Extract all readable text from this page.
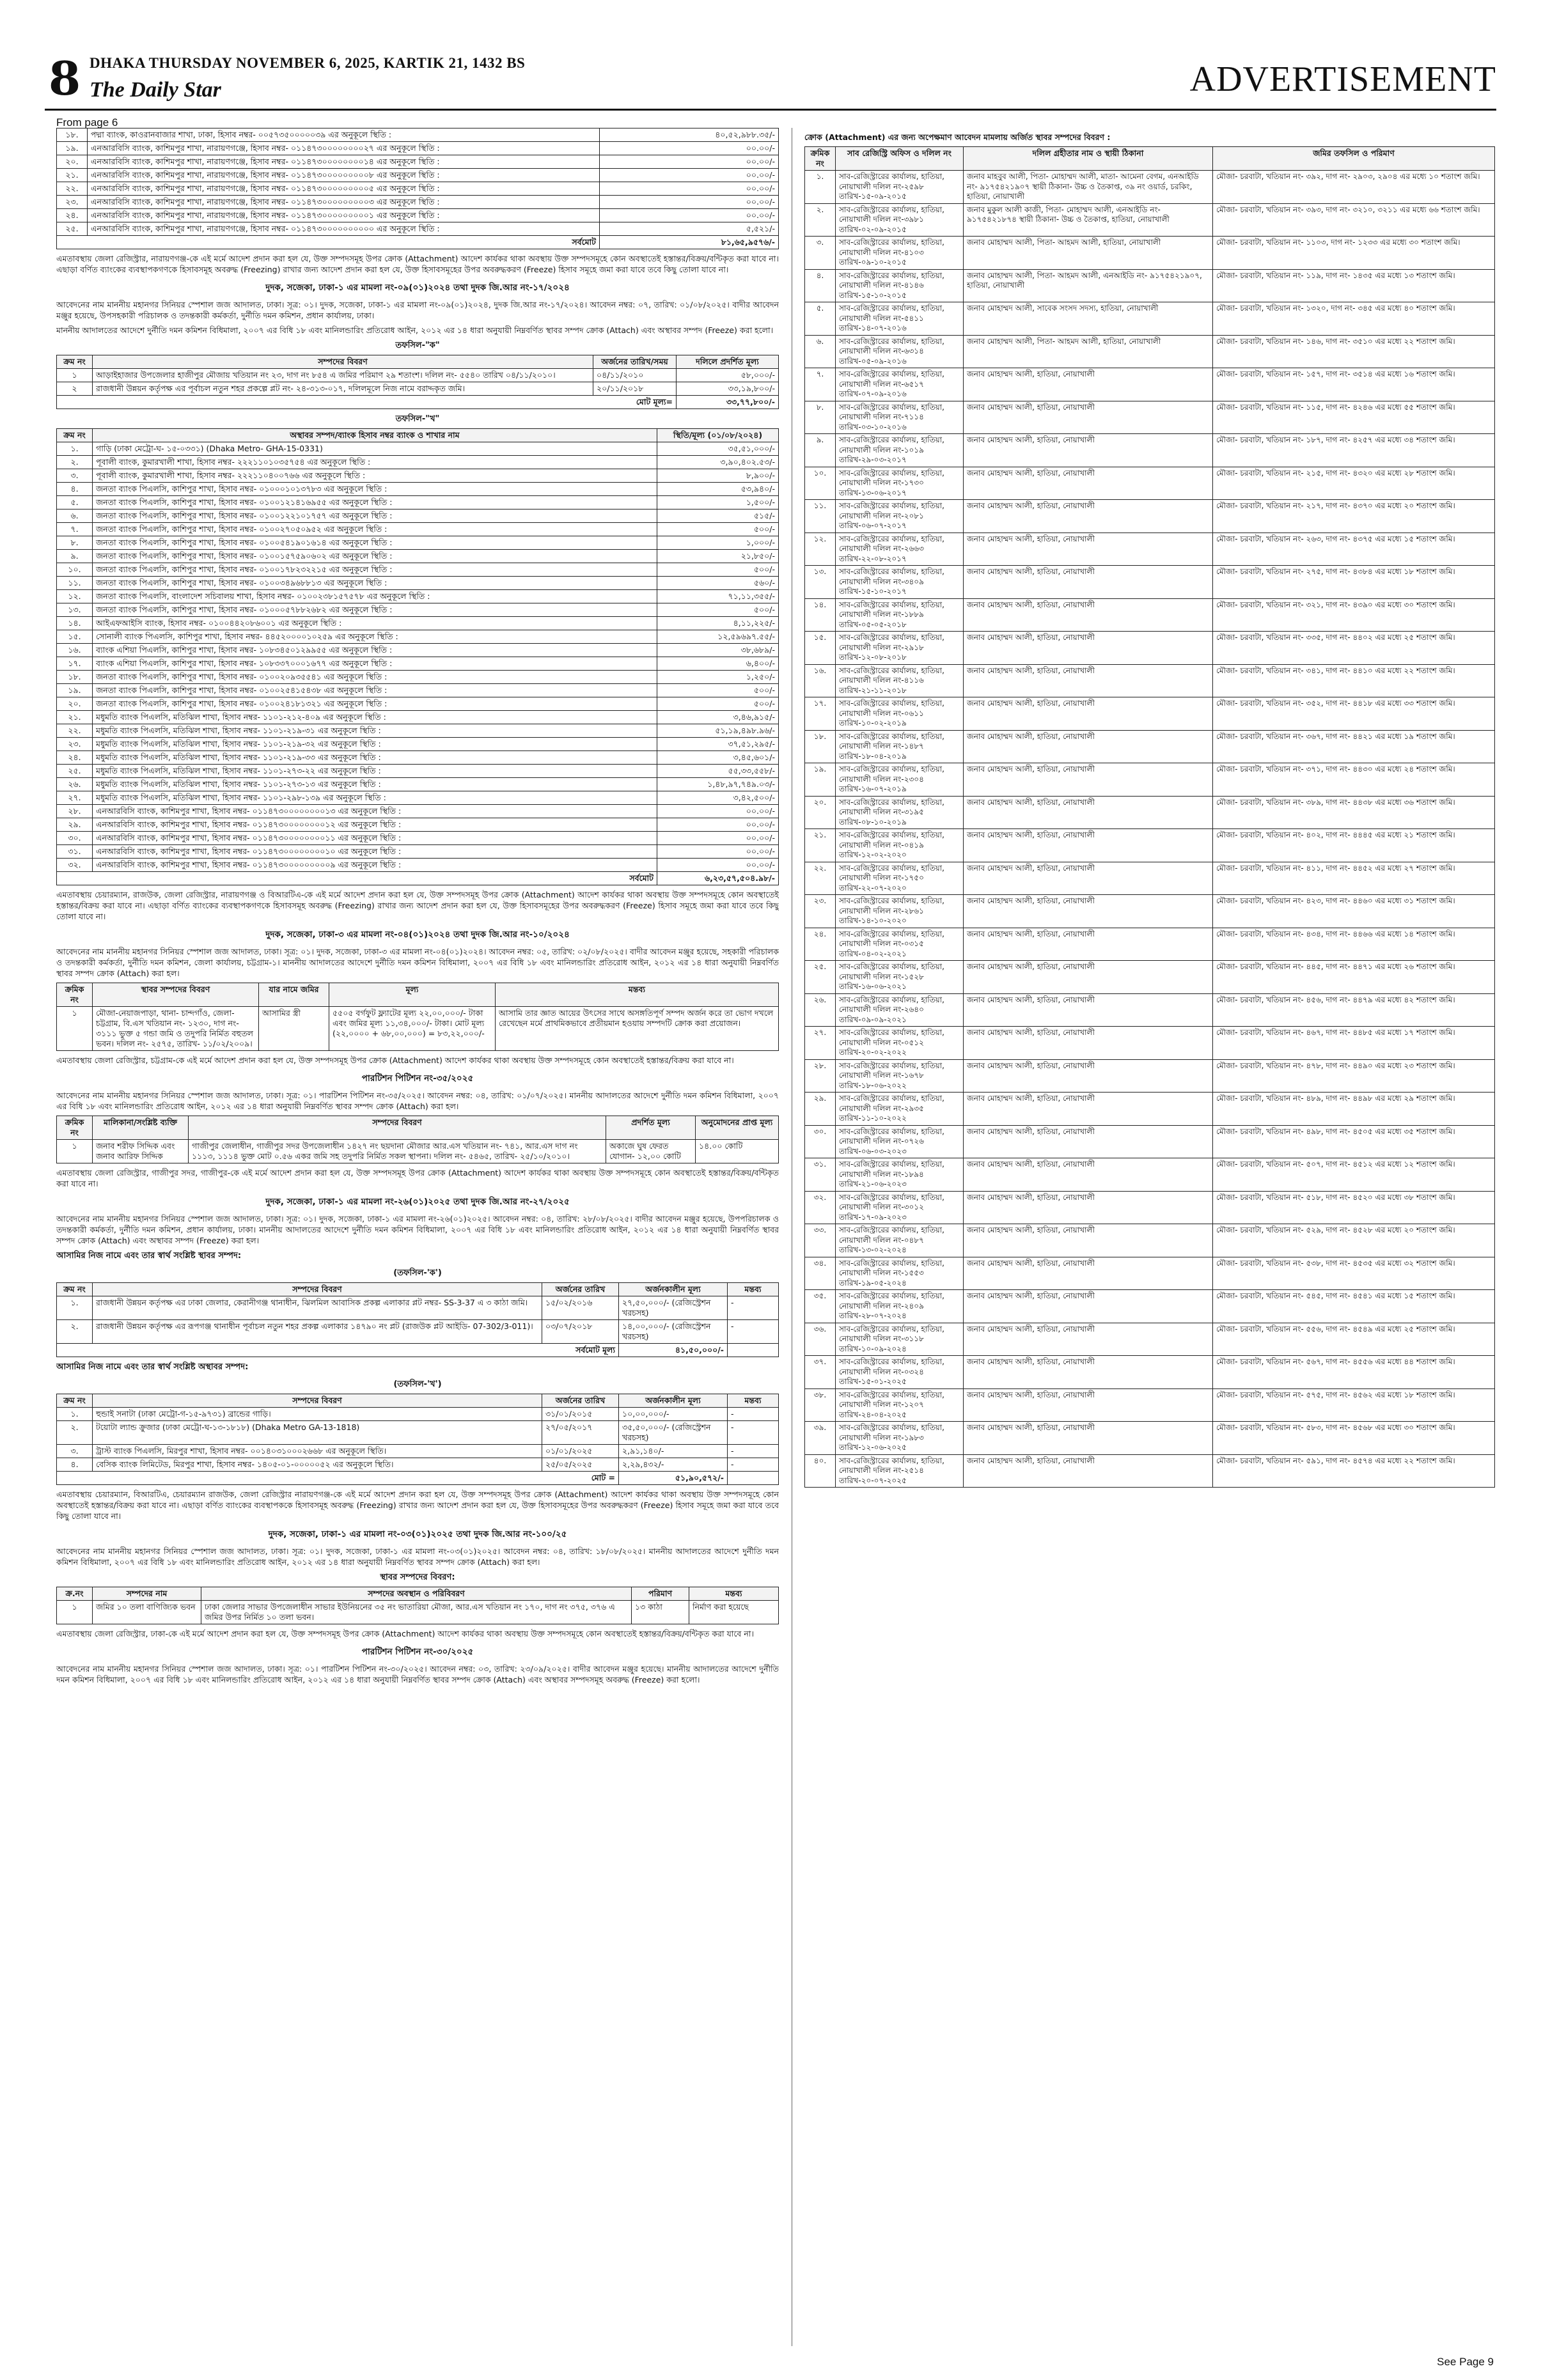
8 DHAKA THURSDAY NOVEMBER 6, 2025, KARTIK 21, 1432 BS
The Daily Star	ADVERTISEMENT
From page 6
১৮.	পদ্মা ব্যাংক, কাওরানবাজার শাখা, ঢাকা, হিসাব নম্বর- ০০৫৭৩৫০০০০০৩৯ এর অনুকূলে স্থিতি :	৪০,৫২,৯৮৮.৩৫/-
১৯.	এনআরবিসি ব্যাংক, কাশিমপুর শাখা, নারায়ণগঞ্জে, হিসাব নম্বর- ০১১৪৭৩০০০০০০০০২৭ এর অনুকূলে স্থিতি :	০০.০০/-
২০.	এনআরবিসি ব্যাংক, কাশিমপুর শাখা, নারায়ণগঞ্জে, হিসাব নম্বর- ০১১৪৭৩০০০০০০০০১৪ এর অনুকূলে স্থিতি :	০০.০০/-
২১.	এনআরবিসি ব্যাংক, কাশিমপুর শাখা, নারায়ণগঞ্জে, হিসাব নম্বর- ০১১৪৭৩০০০০০০০০০৮ এর অনুকূলে স্থিতি :	০০.০০/-
২২.	এনআরবিসি ব্যাংক, কাশিমপুর শাখা, নারায়ণগঞ্জে, হিসাব নম্বর- ০১১৪৭৩০০০০০০০০০৫ এর অনুকূলে স্থিতি :	০০.০০/-
২৩.	এনআরবিসি ব্যাংক, কাশিমপুর শাখা, নারায়ণগঞ্জে, হিসাব নম্বর- ০১১৪৭৩০০০০০০০০০৩ এর অনুকূলে স্থিতি :	০০.০০/-
২৪.	এনআরবিসি ব্যাংক, কাশিমপুর শাখা, নারায়ণগঞ্জে, হিসাব নম্বর- ০১১৪৭৩০০০০০০০০০১ এর অনুকূলে স্থিতি :	০০.০০/-
২৫.	এনআরবিসি ব্যাংক, কাশিমপুর শাখা, নারায়ণগঞ্জে, হিসাব নম্বর- ০১১৪৭৩০০০০০০০০০০ এর অনুকূলে স্থিতি :	৫,৫২১/-
সর্বমোট		৮১,৬৫,৯৫৭৬/-

এমতাবস্থায় জেলা রেজিস্ট্রার, নারায়ণগঞ্জ-কে এই মর্মে আদেশ প্রদান করা হল যে, উক্ত সম্পদসমূহ উপর ক্রোক (Attachment) আদেশ কার্যকর থাকা অবস্থায় উক্ত সম্পদসমূহে কোন অবস্থাতেই হস্তান্তর/বিক্রয়/বন্টিকৃত করা যাবে না। এছাড়া বর্ণিত ব্যাংকের ব্যবস্থাপকগণকে হিসাবসমূহ অবরুদ্ধ (Freezing) রাখার জন্য আদেশ প্রদান করা হল যে, উক্ত হিসাবসমূহের উপর অবরুদ্ধকরণ (Freeze) হিসাব সমূহে জমা করা যাবে তবে কিছু তোলা যাবে না।

দুদক, সজেকা, ঢাকা-১ এর মামলা নং-০৯(০১)২০২৪ তথা দুদক জি.আর নং-১৭/২০২৪

আবেদনের নাম মাননীয় মহানগর সিনিয়র স্পেশাল জজ আদালত, ঢাকা। সূত্র: ০১। দুদক, সজেকা, ঢাকা-১ এর মামলা নং-০৯(০১)২০২৪, দুদক জি.আর নং-১৭/২০২৪। আবেদন নম্বর: ০৭, তারিখ: ০১/০৮/২০২৫। বাদীর আবেদন মঞ্জুর হয়েছে, উপসহকারী পরিচালক ও তদন্তকারী কর্মকর্তা, দুর্নীতি দমন কমিশন, প্রধান কার্যালয়, ঢাকা।

মাননীয় আদালতের আদেশে দুর্নীতি দমন কমিশন বিধিমালা, ২০০৭ এর বিধি ১৮ এবং মানিলন্ডারিং প্রতিরোধ আইন, ২০১২ এর ১৪ ধারা অনুযায়ী নিম্নবর্ণিত স্থাবর সম্পদ ক্রোক (Attach) এবং অস্থাবর সম্পদ (Freeze) করা হলো।

তফসিল-"ক"
ক্রম নং	সম্পদের বিবরণ	অর্জনের তারিখ/সময়	দলিলে প্রদর্শিত মূল্য
১	আড়াইহাজার উপজেলার হাজীপুর মৌজায় খতিয়ান নং ২৩, দাগ নং ৮৫৪ এ জমির পরিমাণ ২৯ শতাংশ। দলিল নং- ৫৫৪০ তারিখ ০৪/১১/২০১০।	০৪/১১/২০১০	৫৮,০০০/-
২	রাজধানী উন্নয়ন কর্তৃপক্ষ এর পূর্বাচল নতুন শহর প্রকল্পে প্লট নং- ২৪-৩১৩-০১৭, দলিলমূলে নিজ নামে বরাদ্দকৃত জমি।	২০/১১/২০১৮	৩৩,১৯,৮০০/-
মোট মূল্য=			৩৩,৭৭,৮০০/-
তফসিল-"খ"
ক্রম নং	অস্থাবর সম্পদ/ব্যাংক হিসাব নম্বর ব্যাংক ও শাখার নাম	স্থিতি/মূল্য (০১/০৮/২০২৪)
১.	গাড়ি (ঢাকা মেট্রো-ঘ- ১৫-০৩৩১) (Dhaka Metro- GHA-15-0331)	৩৫,৫১,০০০/-
২.	পূবালী ব্যাংক, কুমারখালী শাখা, হিসাব নম্বর- ২২২১১০১০৩৫৭৫৪ এর অনুকূলে স্থিতি :	৩,৯০,৪০২.৫৩/-
৩.	পূবালী ব্যাংক, কুমারখালী শাখা, হিসাব নম্বর- ২২২১১০৪০০৭৬৬ এর অনুকূলে স্থিতি :	৮,৯০০/-
৪.	জনতা ব্যাংক পিএলসি, কাশিপুর শাখা, হিসাব নম্বর- ০১০০০১০১৩৭৮৩ এর অনুকূলে স্থিতি :	৫৩,৯৪০/-
৫.	জনতা ব্যাংক পিএলসি, কাশিপুর শাখা, হিসাব নম্বর- ০১০০১২১৪১৬৯৫৫ এর অনুকূলে স্থিতি :	১,৫০০/-
৬.	জনতা ব্যাংক পিএলসি, কাশিপুর শাখা, হিসাব নম্বর- ০১০০১২২১০১৭৫৭ এর অনুকূলে স্থিতি :	৫১৫/-
৭.	জনতা ব্যাংক পিএলসি, কাশিপুর শাখা, হিসাব নম্বর- ০১০০২৭০৫০৯৫২ এর অনুকূলে স্থিতি :	৫০০/-
৮.	জনতা ব্যাংক পিএলসি, কাশিপুর শাখা, হিসাব নম্বর- ০১০০৫৪১৯০১৬১৪ এর অনুকূলে স্থিতি :	১,০০০/-
৯.	জনতা ব্যাংক পিএলসি, কাশিপুর শাখা, হিসাব নম্বর- ০১০০১৫৭৫৯০৬০২ এর অনুকূলে স্থিতি :	২১,৮৫০/-
১০.	জনতা ব্যাংক পিএলসি, কাশিপুর শাখা, হিসাব নম্বর- ০১০০১৭৮২৩২২১৫ এর অনুকূলে স্থিতি :	৫০০/-
১১.	জনতা ব্যাংক পিএলসি, কাশিপুর শাখা, হিসাব নম্বর- ০১০০৩৪৯৬৮৮১৩ এর অনুকূলে স্থিতি :	৫৬০/-
১২.	জনতা ব্যাংক পিএলসি, বাংলাদেশ সচিবালয় শাখা, হিসাব নম্বর- ০১০০২৩৮১৫৭৫৭৮ এর অনুকূলে স্থিতি :	৭১,১১,৩৫৫/-
১৩.	জনতা ব্যাংক পিএলসি, কাশিপুর শাখা, হিসাব নম্বর- ০১০০০৫৭৮৮২৬৮২ এর অনুকূলে স্থিতি :	৫০০/-
১৪.	আইএফআইসি ব্যাংক, হিসাব নম্বর- ০১০০৪৪২০৮৬০০১ এর অনুকূলে স্থিতি :	৪,১১,২২৫/-
১৫.	সোনালী ব্যাংক পিএলসি, কাশিপুর শাখা, হিসাব নম্বর- ৪৪৫২০০০০১০২৫৯ এর অনুকূলে স্থিতি :	১২,৫৯৬৯৭.৫৫/-
১৬.	ব্যাংক এশিয়া পিএলসি, কাশিপুর শাখা, হিসাব নম্বর- ১০৮৩৪৫০১২৯৯৫৫ এর অনুকূলে স্থিতি :	৩৮,৬৮৯/-
১৭.	ব্যাংক এশিয়া পিএলসি, কাশিপুর শাখা, হিসাব নম্বর- ১০৮৩৩৭০০০১৬৭৭ এর অনুকূলে স্থিতি :	৬,৪০০/-
১৮.	জনতা ব্যাংক পিএলসি, কাশিপুর শাখা, হিসাব নম্বর- ০১০০২০৯৩৫৫৪১ এর অনুকূলে স্থিতি :	১,২৫০/-
১৯.	জনতা ব্যাংক পিএলসি, কাশিপুর শাখা, হিসাব নম্বর- ০১০০২৫৪১৫৪৩৮ এর অনুকূলে স্থিতি :	৫০০/-
২০.	জনতা ব্যাংক পিএলসি, কাশিপুর শাখা, হিসাব নম্বর- ০১০০২৪১৮১৩২১ এর অনুকূলে স্থিতি :	৫০০/-
২১.	মধুমতি ব্যাংক পিএলসি, মতিঝিল শাখা, হিসাব নম্বর- ১১০১-২১২-৪০৯ এর অনুকূলে স্থিতি :	৩,৪৬,৯১৫/-
২২.	মধুমতি ব্যাংক পিএলসি, মতিঝিল শাখা, হিসাব নম্বর- ১১০১-২১৯-৩১ এর অনুকূলে স্থিতি :	৫১,১৯,৪৯৮.৯৬/-
২৩.	মধুমতি ব্যাংক পিএলসি, মতিঝিল শাখা, হিসাব নম্বর- ১১০১-২১৯-৩২ এর অনুকূলে স্থিতি :	৩৭,৫১,২৯৫/-
২৪.	মধুমতি ব্যাংক পিএলসি, মতিঝিল শাখা, হিসাব নম্বর- ১১০১-২১৯-৩৩ এর অনুকূলে স্থিতি :	৩,৪৫,৬০১/-
২৫.	মধুমতি ব্যাংক পিএলসি, মতিঝিল শাখা, হিসাব নম্বর- ১১০১-২৭৩-২২ এর অনুকূলে স্থিতি :	৫৫,৩৩,৫৫৮/-
২৬.	মধুমতি ব্যাংক পিএলসি, মতিঝিল শাখা, হিসাব নম্বর- ১১০১-২৭৩-১৩ এর অনুকূলে স্থিতি :	১,৪৮,৯৭,৭৪৯.০৩/-
২৭.	মধুমতি ব্যাংক পিএলসি, মতিঝিল শাখা, হিসাব নম্বর- ১১০১-২৯৮-১৩৯ এর অনুকূলে স্থিতি :	৩,৪২,৫০০/-
২৮.	এনআরবিসি ব্যাংক, কাশিমপুর শাখা, হিসাব নম্বর- ০১১৪৭৩০০০০০০০০১৩ এর অনুকূলে স্থিতি :	০০.০০/-
২৯.	এনআরবিসি ব্যাংক, কাশিমপুর শাখা, হিসাব নম্বর- ০১১৪৭৩০০০০০০০০১২ এর অনুকূলে স্থিতি :	০০.০০/-
৩০.	এনআরবিসি ব্যাংক, কাশিমপুর শাখা, হিসাব নম্বর- ০১১৪৭৩০০০০০০০০১১ এর অনুকূলে স্থিতি :	০০.০০/-
৩১.	এনআরবিসি ব্যাংক, কাশিমপুর শাখা, হিসাব নম্বর- ০১১৪৭৩০০০০০০০০১০ এর অনুকূলে স্থিতি :	০০.০০/-
৩২.	এনআরবিসি ব্যাংক, কাশিমপুর শাখা, হিসাব নম্বর- ০১১৪৭৩০০০০০০০০০৯ এর অনুকূলে স্থিতি :	০০.০০/-
সর্বমোট		৬,২৩,৫৭,৫০৪.৯৮/-

এমতাবস্থায় চেয়ারম্যান, রাজউক, জেলা রেজিস্ট্রার, নারায়ণগঞ্জ ও বিআরটিএ-কে এই মর্মে আদেশ প্রদান করা হল যে, উক্ত সম্পদসমূহ উপর ক্রোক (Attachment) আদেশ কার্যকর থাকা অবস্থায় উক্ত সম্পদসমূহে কোন অবস্থাতেই হস্তান্তর/বিক্রয় করা যাবে না। এছাড়া বর্ণিত ব্যাংকের ব্যবস্থাপকগণকে হিসাবসমূহ অবরুদ্ধ (Freezing) রাখার জন্য আদেশ প্রদান করা হল যে, উক্ত হিসাবসমূহের উপর অবরুদ্ধকরণ (Freeze) হিসাব সমূহে জমা করা যাবে তবে কিছু তোলা যাবে না।

দুদক, সজেকা, ঢাকা-৩ এর মামলা নং-০৪(০১)২০২৪ তথা দুদক জি.আর নং-১০/২০২৪

আবেদনের নাম মাননীয় মহানগর সিনিয়র স্পেশাল জজ আদালত, ঢাকা। সূত্র: ০১। দুদক, সজেকা, ঢাকা-৩ এর মামলা নং-০৪(০১)২০২৪। আবেদন নম্বর: ০৫, তারিখ: ০২/০৮/২০২৫। বাদীর আবেদন মঞ্জুর হয়েছে, সহকারী পরিচালক ও তদন্তকারী কর্মকর্তা, দুর্নীতি দমন কমিশন, জেলা কার্যালয়, চট্টগ্রাম-১। মাননীয় আদালতের আদেশে দুর্নীতি দমন কমিশন বিধিমালা, ২০০৭ এর বিধি ১৮ এবং মানিলন্ডারিং প্রতিরোধ আইন, ২০১২ এর ১৪ ধারা অনুযায়ী নিম্নবর্ণিত স্থাবর সম্পদ ক্রোক (Attach) করা হল।

ক্রমিক নং	স্থাবর সম্পদের বিবরণ	যার নামে জমির	মূল্য	মন্তব্য
১	মৌজা-নেয়াজপাড়া, থানা- চান্দগাঁও, জেলা- চট্টগ্রাম, বি.এস খতিয়ান নং- ১২৩০, দাগ নং- ৩১১১ ভুক্ত ৫ গন্ডা জমি ও তদুপরি নির্মিত বহুতল ভবন। দলিল নং- ২৫৭৫, তারিখ- ১১/০২/২০০৯।	আসামির স্ত্রী	৫৫০৫ বর্গফুট ফ্ল্যাটের মূল্য ২২,০০,০০০/- টাকা এবং জমির মূল্য ১১,৩৪,০০০/- টাকা। মোট মূল্য (২২,০০০০ + ৬৮,০০,০০০) = ৮৩,২২,০০০/-	আসামি তার জ্ঞাত আয়ের উৎসের সাথে অসঙ্গতিপূর্ণ সম্পদ অর্জন করে তা ভোগ দখলে রেখেছেন মর্মে প্রাথমিকভাবে প্রতীয়মান হওয়ায় সম্পদটি ক্রোক করা প্রয়োজন।

এমতাবস্থায় জেলা রেজিস্ট্রার, চট্টগ্রাম-কে এই মর্মে আদেশ প্রদান করা হল যে, উক্ত সম্পদসমূহ উপর ক্রোক (Attachment) আদেশ কার্যকর থাকা অবস্থায় উক্ত সম্পদসমূহে কোন অবস্থাতেই হস্তান্তর/বিক্রয় করা যাবে না।

পারটিশন পিটিশন নং-৩৫/২০২৫

আবেদনের নাম মাননীয় মহানগর সিনিয়র স্পেশাল জজ আদালত, ঢাকা। সূত্র: ০১। পারটিশন পিটিশন নং-৩৫/২০২৫। আবেদন নম্বর: ০৪, তারিখ: ০১/০৭/২০২৫। মাননীয় আদালতের আদেশে দুর্নীতি দমন কমিশন বিধিমালা, ২০০৭ এর বিধি ১৮ এবং মানিলন্ডারিং প্রতিরোধ আইন, ২০১২ এর ১৪ ধারা অনুযায়ী নিম্নবর্ণিত স্থাবর সম্পদ ক্রোক (Attach) করা হল।

ক্রমিক নং	মালিকানা/সংশ্লিষ্ট ব্যক্তি	সম্পদের বিবরণ	প্রদর্শিত মূল্য	অনুমোদনের প্রাপ্ত মূল্য
১	জনাব শরীফ সিদ্দিক এবং জনাব আরিফ সিদ্দিক	গাজীপুর জেলাধীন, গাজীপুর সদর উপজেলাধীন ১৪২৭ নং ছয়দানা মৌজার আর.এস খতিয়ান নং- ৭৪১, আর.এস দাগ নং ১১১৩, ১১১৪ ভুক্ত মোট ০.৫৬ একর জমি সহ তদুপরি নির্মিত সকল স্থাপনা। দলিল নং- ৫৪৬৫, তারিখ- ২৫/১০/২০১০।	অকাজে ঘুষ ফেরত যোগান- ১২,০০ কোটি	১৪.০০ কোটি

এমতাবস্থায় জেলা রেজিস্ট্রার, গাজীপুর সদর, গাজীপুর-কে এই মর্মে আদেশ প্রদান করা হল যে, উক্ত সম্পদসমূহ উপর ক্রোক (Attachment) আদেশ কার্যকর থাকা অবস্থায় উক্ত সম্পদসমূহে কোন অবস্থাতেই হস্তান্তর/বিক্রয়/বন্টিকৃত করা যাবে না।

দুদক, সজেকা, ঢাকা-১ এর মামলা নং-২৬(০১)২০২৫ তথা দুদক জি.আর নং-২৭/২০২৫

আবেদনের নাম মাননীয় মহানগর সিনিয়র স্পেশাল জজ আদালত, ঢাকা। সূত্র: ০১। দুদক, সজেকা, ঢাকা-১ এর মামলা নং-২৬(০১)২০২৫। আবেদন নম্বর: ০৪, তারিখ: ২৮/০৮/২০২৫। বাদীর আবেদন মঞ্জুর হয়েছে, উপপরিচালক ও তদন্তকারী কর্মকর্তা, দুর্নীতি দমন কমিশন, প্রধান কার্যালয়, ঢাকা। মাননীয় আদালতের আদেশে দুর্নীতি দমন কমিশন বিধিমালা, ২০০৭ এর বিধি ১৮ এবং মানিলন্ডারিং প্রতিরোধ আইন, ২০১২ এর ১৪ ধারা অনুযায়ী নিম্নবর্ণিত স্থাবর সম্পদ ক্রোক (Attach) এবং অস্থাবর সম্পদ (Freeze) করা হল।

আসামির নিজ নামে এবং তার স্বার্থ সংশ্লিষ্ট স্থাবর সম্পদ:
(তফসিল-'ক')
ক্রম নং	সম্পদের বিবরণ	অর্জনের তারিখ	অর্জনকালীন মূল্য	মন্তব্য
১.	রাজধানী উন্নয়ন কর্তৃপক্ষ এর ঢাকা জেলার, কেরানীগঞ্জ থানাধীন, ঝিলমিল আবাসিক প্রকল্প এলাকার প্লট নম্বর- SS-3-37 এ ৩ কাঠা জমি।	১৫/০২/২০১৬	২৭,৫০,০০০/- (রেজিস্ট্রেশন খরচসহ)	-
২.	রাজধানী উন্নয়ন কর্তৃপক্ষ এর রূপগঞ্জ থানাধীন পূর্বাচল নতুন শহর প্রকল্প এলাকার ১৪৭৯০ নং প্লট (রাজউক প্লট আইডি- 07-302/3-011)।	০৩/০৭/২০১৮	১৪,০০,০০০/- (রেজিস্ট্রেশন খরচসহ)	-
সর্বমোট মূল্য			৪১,৫০,০০০/-	
আসামির নিজ নামে এবং তার স্বার্থ সংশ্লিষ্ট অস্থাবর সম্পদ:
(তফসিল-'খ')
ক্রম নং	সম্পদের বিবরণ	অর্জনের তারিখ	অর্জনকালীন মূল্য	মন্তব্য
১.	হুন্ডাই সনাটা (ঢাকা মেট্রো-গ-১৫-৯৭৩১) ব্রান্ডের গাড়ি।	৩১/০১/২০১৫	১০,০০,০০০/-	-
২.	টয়োটা ল্যান্ড ক্রুজার (ঢাকা মেট্রো-ঘ-১৩-১৮১৮) (Dhaka Metro GA-13-1818)	২৭/০৫/২০১৭	৩৫,৫০,০০০/- (রেজিস্ট্রেশন খরচসহ)	-
৩.	ট্রাস্ট ব্যাংক পিএলসি, মিরপুর শাখা, হিসাব নম্বর- ০০১৪০৩১০০০২৬৬৮ এর অনুকূলে স্থিতি।	০১/০১/২০২৫	২,৯১,১৪০/-	-
৪.	বেসিক ব্যাংক লিমিটেড, মিরপুর শাখা, হিসাব নম্বর- ১৪০৫-০১-০০০০০৫২ এর অনুকূলে স্থিতি।	২৫/০৫/২০২৫	২,২৯,৪৩২/-	-
মোট =			৫১,৯০,৫৭২/-	

এমতাবস্থায় চেয়ারম্যান, বিআরটিএ, চেয়ারম্যান রাজউক, জেলা রেজিস্ট্রার নারায়ণগঞ্জ-কে এই মর্মে আদেশ প্রদান করা হল যে, উক্ত সম্পদসমূহ উপর ক্রোক (Attachment) আদেশ কার্যকর থাকা অবস্থায় উক্ত সম্পদসমূহে কোন অবস্থাতেই হস্তান্তর/বিক্রয় করা যাবে না। এছাড়া বর্ণিত ব্যাংকের ব্যবস্থাপককে হিসাবসমূহ অবরুদ্ধ (Freezing) রাখার জন্য আদেশ প্রদান করা হল যে, উক্ত হিসাবসমূহের উপর অবরুদ্ধকরণ (Freeze) হিসাব সমূহে জমা করা যাবে তবে কিছু তোলা যাবে না।

দুদক, সজেকা, ঢাকা-১ এর মামলা নং-০৩(০১)২০২৫ তথা দুদক জি.আর নং-১০০/২৫

আবেদনের নাম মাননীয় মহানগর সিনিয়র স্পেশাল জজ আদালত, ঢাকা। সূত্র: ০১। দুদক, সজেকা, ঢাকা-১ এর মামলা নং-০৩(০১)২০২৫। আবেদন নম্বর: ০৪, তারিখ: ১৮/০৮/২০২৫। মাননীয় আদালতের আদেশে দুর্নীতি দমন কমিশন বিধিমালা, ২০০৭ এর বিধি ১৮ এবং মানিলন্ডারিং প্রতিরোধ আইন, ২০১২ এর ১৪ ধারা অনুযায়ী নিম্নবর্ণিত স্থাবর সম্পদ ক্রোক (Attach) করা হল।

স্থাবর সম্পদের বিবরণ:
ক্র.নং	সম্পদের নাম	সম্পদের অবস্থান ও পরিবিবরণ	পরিমাণ	মন্তব্য
১	জমির ১০ তলা বাণিজ্যিক ভবন	ঢাকা জেলার সাভার উপজেলাধীন সাভার ইউনিয়নের ৩৫ নং ভাতারিয়া মৌজা, আর.এস খতিয়ান নং ১৭০, দাগ নং ৩৭৫, ৩৭৬ এ জমির উপর নির্মিত ১০ তলা ভবন।	১৩ কাঠা	নির্মাণ করা হয়েছে

এমতাবস্থায় জেলা রেজিস্ট্রার, ঢাকা-কে এই মর্মে আদেশ প্রদান করা হল যে, উক্ত সম্পদসমূহ উপর ক্রোক (Attachment) আদেশ কার্যকর থাকা অবস্থায় উক্ত সম্পদসমূহে কোন অবস্থাতেই হস্তান্তর/বিক্রয়/বন্টিকৃত করা যাবে না।

পারটিশন পিটিশন নং-৩০/২০২৫

আবেদনের নাম মাননীয় মহানগর সিনিয়র স্পেশাল জজ আদালত, ঢাকা। সূত্র: ০১। পারটিশন পিটিশন নং-৩০/২০২৫। আবেদন নম্বর: ০৩, তারিখ: ২৩/০৯/২০২৫। বাদীর আবেদন মঞ্জুর হয়েছে। মাননীয় আদালতের আদেশে দুর্নীতি দমন কমিশন বিধিমালা, ২০০৭ এর বিধি ১৮ এবং মানিলন্ডারিং প্রতিরোধ আইন, ২০১২ এর ১৪ ধারা অনুযায়ী নিম্নবর্ণিত স্থাবর সম্পদ ক্রোক (Attach) এবং অস্থাবর সম্পদসমূহ অবরুদ্ধ (Freeze) করা হলো।

ক্রোক (Attachment) এর জন্য অপেক্ষমাণ আবেদন মামলায় অর্জিত স্থাবর সম্পদের বিবরণ :

ক্রমিক নং	সাব রেজিস্ট্রি অফিস ও দলিল নং	দলিল গ্রহীতার নাম ও স্থায়ী ঠিকানা	জমির তফসিল ও পরিমাণ
১.	সাব-রেজিস্ট্রারের কার্যালয়, হাতিয়া, নোয়াখালী দলিল নং-২৫৯৮ তারিখ-১৫-০৯-২০১৫	জনাব মাহবুব আলী, পিতা- মোহাম্মদ আলী, মাতা- আমেনা বেগম, এনআইডি নং- ৯১৭৫৪২১৯০৭ স্থায়ী ঠিকানা- উচ্চ ও তৈকাপ্ত, ৩৯ নং ওয়ার্ড, চরকিং, হাতিয়া, নোয়াখালী	মৌজা- চরবাটা, খতিয়ান নং- ৩৯২, দাগ নং- ২৯০৩, ২৯০৪ এর মধ্যে ১০ শতাংশ জমি।
২.	সাব-রেজিস্ট্রারের কার্যালয়, হাতিয়া, নোয়াখালী দলিল নং-৩৯৮১ তারিখ-০২-০৯-২০১৫	জনাব মুকুল আলী কাজী, পিতা- মোহাম্মদ আলী, এনআইডি নং- ৯১৭৫৪২১৮৭৪ স্থায়ী ঠিকানা- উচ্চ ও তৈকাপ্ত, হাতিয়া, নোয়াখালী	মৌজা- চরবাটা, খতিয়ান নং- ৩৯৩, দাগ নং- ৩২১০, ৩২১১ এর মধ্যে ৬৬ শতাংশ জমি।
৩.	সাব-রেজিস্ট্রারের কার্যালয়, হাতিয়া, নোয়াখালী দলিল নং-৪১০৩ তারিখ-০৯-১০-২০১৫	জনাব মোহাম্মদ আলী, পিতা- আহমদ আলী, হাতিয়া, নোয়াখালী	মৌজা- চরবাটা, খতিয়ান নং- ১১০৩, দাগ নং- ১২৩৩ এর মধ্যে ৩০ শতাংশ জমি।
৪.	সাব-রেজিস্ট্রারের কার্যালয়, হাতিয়া, নোয়াখালী দলিল নং-৪১৪৬ তারিখ-১৫-১০-২০১৫	জনাব মোহাম্মদ আলী, পিতা- আহমদ আলী, এনআইডি নং- ৯১৭৫৪২১৯০৭, হাতিয়া, নোয়াখালী	মৌজা- চরবাটা, খতিয়ান নং- ১১৯, দাগ নং- ১৪৩৫ এর মধ্যে ১৩ শতাংশ জমি।
৫.	সাব-রেজিস্ট্রারের কার্যালয়, হাতিয়া, নোয়াখালী দলিল নং-৫৪১১ তারিখ-১৪-০৭-২০১৬	জনাব মোহাম্মদ আলী, সাবেক সংসদ সদস্য, হাতিয়া, নোয়াখালী	মৌজা- চরবাটা, খতিয়ান নং- ১৩২০, দাগ নং- ৩৪৫ এর মধ্যে ৪০ শতাংশ জমি।
৬.	সাব-রেজিস্ট্রারের কার্যালয়, হাতিয়া, নোয়াখালী দলিল নং-৬৩১৪ তারিখ-০৫-০৯-২০১৬	জনাব মোহাম্মদ আলী, পিতা- আহমদ আলী, হাতিয়া, নোয়াখালী	মৌজা- চরবাটা, খতিয়ান নং- ১৪৬, দাগ নং- ৩৫১০ এর মধ্যে ২২ শতাংশ জমি।
৭.	সাব-রেজিস্ট্রারের কার্যালয়, হাতিয়া, নোয়াখালী দলিল নং-৬৫১৭ তারিখ-০৭-০৯-২০১৬	জনাব মোহাম্মদ আলী, হাতিয়া, নোয়াখালী	মৌজা- চরবাটা, খতিয়ান নং- ১৫৭, দাগ নং- ৩৫১৪ এর মধ্যে ১৬ শতাংশ জমি।
৮.	সাব-রেজিস্ট্রারের কার্যালয়, হাতিয়া, নোয়াখালী দলিল নং-৭১১৪ তারিখ-০৩-১০-২০১৬	জনাব মোহাম্মদ আলী, হাতিয়া, নোয়াখালী	মৌজা- চরবাটা, খতিয়ান নং- ১১৫, দাগ নং- ৪২৪৬ এর মধ্যে ৫৫ শতাংশ জমি।
৯.	সাব-রেজিস্ট্রারের কার্যালয়, হাতিয়া, নোয়াখালী দলিল নং-১০১৯ তারিখ-২৯-০৩-২০১৭	জনাব মোহাম্মদ আলী, হাতিয়া, নোয়াখালী	মৌজা- চরবাটা, খতিয়ান নং- ১৮৭, দাগ নং- ৪২৫৭ এর মধ্যে ৩৪ শতাংশ জমি।
১০.	সাব-রেজিস্ট্রারের কার্যালয়, হাতিয়া, নোয়াখালী দলিল নং-১৭৩০ তারিখ-১৩-০৬-২০১৭	জনাব মোহাম্মদ আলী, হাতিয়া, নোয়াখালী	মৌজা- চরবাটা, খতিয়ান নং- ২১৫, দাগ নং- ৪৩২০ এর মধ্যে ২৮ শতাংশ জমি।
১১.	সাব-রেজিস্ট্রারের কার্যালয়, হাতিয়া, নোয়াখালী দলিল নং-২০৮১ তারিখ-০৬-০৭-২০১৭	জনাব মোহাম্মদ আলী, হাতিয়া, নোয়াখালী	মৌজা- চরবাটা, খতিয়ান নং- ২১৭, দাগ নং- ৪৩৭০ এর মধ্যে ২০ শতাংশ জমি।
১২.	সাব-রেজিস্ট্রারের কার্যালয়, হাতিয়া, নোয়াখালী দলিল নং-২৬৬৩ তারিখ-২২-০৮-২০১৭	জনাব মোহাম্মদ আলী, হাতিয়া, নোয়াখালী	মৌজা- চরবাটা, খতিয়ান নং- ২৬৩, দাগ নং- ৪৩৭৫ এর মধ্যে ১৫ শতাংশ জমি।
১৩.	সাব-রেজিস্ট্রারের কার্যালয়, হাতিয়া, নোয়াখালী দলিল নং-৩৪০৯ তারিখ-১৫-১০-২০১৭	জনাব মোহাম্মদ আলী, হাতিয়া, নোয়াখালী	মৌজা- চরবাটা, খতিয়ান নং- ২৭৫, দাগ নং- ৪৩৮৪ এর মধ্যে ১৮ শতাংশ জমি।
১৪.	সাব-রেজিস্ট্রারের কার্যালয়, হাতিয়া, নোয়াখালী দলিল নং-১৮৮৯ তারিখ-০৫-০৫-২০১৮	জনাব মোহাম্মদ আলী, হাতিয়া, নোয়াখালী	মৌজা- চরবাটা, খতিয়ান নং- ৩২১, দাগ নং- ৪৩৯০ এর মধ্যে ৩০ শতাংশ জমি।
১৫.	সাব-রেজিস্ট্রারের কার্যালয়, হাতিয়া, নোয়াখালী দলিল নং-২৯১৮ তারিখ-১২-০৮-২০১৮	জনাব মোহাম্মদ আলী, হাতিয়া, নোয়াখালী	মৌজা- চরবাটা, খতিয়ান নং- ৩৩৫, দাগ নং- ৪৪০২ এর মধ্যে ২৫ শতাংশ জমি।
১৬.	সাব-রেজিস্ট্রারের কার্যালয়, হাতিয়া, নোয়াখালী দলিল নং-৪১১৬ তারিখ-২১-১১-২০১৮	জনাব মোহাম্মদ আলী, হাতিয়া, নোয়াখালী	মৌজা- চরবাটা, খতিয়ান নং- ৩৪১, দাগ নং- ৪৪১০ এর মধ্যে ২২ শতাংশ জমি।
১৭.	সাব-রেজিস্ট্রারের কার্যালয়, হাতিয়া, নোয়াখালী দলিল নং-০৬১১ তারিখ-১০-০২-২০১৯	জনাব মোহাম্মদ আলী, হাতিয়া, নোয়াখালী	মৌজা- চরবাটা, খতিয়ান নং- ৩৫২, দাগ নং- ৪৪১৮ এর মধ্যে ৩৩ শতাংশ জমি।
১৮.	সাব-রেজিস্ট্রারের কার্যালয়, হাতিয়া, নোয়াখালী দলিল নং-১৪৮৭ তারিখ-১৮-০৪-২০১৯	জনাব মোহাম্মদ আলী, হাতিয়া, নোয়াখালী	মৌজা- চরবাটা, খতিয়ান নং- ৩৬৭, দাগ নং- ৪৪২১ এর মধ্যে ১৯ শতাংশ জমি।
১৯.	সাব-রেজিস্ট্রারের কার্যালয়, হাতিয়া, নোয়াখালী দলিল নং-২৩০৪ তারিখ-১৬-০৭-২০১৯	জনাব মোহাম্মদ আলী, হাতিয়া, নোয়াখালী	মৌজা- চরবাটা, খতিয়ান নং- ৩৭১, দাগ নং- ৪৪৩০ এর মধ্যে ২৪ শতাংশ জমি।
২০.	সাব-রেজিস্ট্রারের কার্যালয়, হাতিয়া, নোয়াখালী দলিল নং-৩১৯৫ তারিখ-০৮-১০-২০১৯	জনাব মোহাম্মদ আলী, হাতিয়া, নোয়াখালী	মৌজা- চরবাটা, খতিয়ান নং- ৩৮৯, দাগ নং- ৪৪৩৮ এর মধ্যে ৩৬ শতাংশ জমি।
২১.	সাব-রেজিস্ট্রারের কার্যালয়, হাতিয়া, নোয়াখালী দলিল নং-০৪১৯ তারিখ-১২-০২-২০২০	জনাব মোহাম্মদ আলী, হাতিয়া, নোয়াখালী	মৌজা- চরবাটা, খতিয়ান নং- ৪০২, দাগ নং- ৪৪৪৫ এর মধ্যে ২১ শতাংশ জমি।
২২.	সাব-রেজিস্ট্রারের কার্যালয়, হাতিয়া, নোয়াখালী দলিল নং-১৭৫০ তারিখ-২২-০৭-২০২০	জনাব মোহাম্মদ আলী, হাতিয়া, নোয়াখালী	মৌজা- চরবাটা, খতিয়ান নং- ৪১১, দাগ নং- ৪৪৫২ এর মধ্যে ২৭ শতাংশ জমি।
২৩.	সাব-রেজিস্ট্রারের কার্যালয়, হাতিয়া, নোয়াখালী দলিল নং-২৮৬১ তারিখ-১৪-১০-২০২০	জনাব মোহাম্মদ আলী, হাতিয়া, নোয়াখালী	মৌজা- চরবাটা, খতিয়ান নং- ৪২৩, দাগ নং- ৪৪৬০ এর মধ্যে ৩১ শতাংশ জমি।
২৪.	সাব-রেজিস্ট্রারের কার্যালয়, হাতিয়া, নোয়াখালী দলিল নং-০৩১৫ তারিখ-০৪-০২-২০২১	জনাব মোহাম্মদ আলী, হাতিয়া, নোয়াখালী	মৌজা- চরবাটা, খতিয়ান নং- ৪৩৪, দাগ নং- ৪৪৬৬ এর মধ্যে ১৪ শতাংশ জমি।
২৫.	সাব-রেজিস্ট্রারের কার্যালয়, হাতিয়া, নোয়াখালী দলিল নং-১৫২৮ তারিখ-১৬-০৬-২০২১	জনাব মোহাম্মদ আলী, হাতিয়া, নোয়াখালী	মৌজা- চরবাটা, খতিয়ান নং- ৪৪৫, দাগ নং- ৪৪৭১ এর মধ্যে ২৬ শতাংশ জমি।
২৬.	সাব-রেজিস্ট্রারের কার্যালয়, হাতিয়া, নোয়াখালী দলিল নং-২৬৪০ তারিখ-০৯-০৯-২০২১	জনাব মোহাম্মদ আলী, হাতিয়া, নোয়াখালী	মৌজা- চরবাটা, খতিয়ান নং- ৪৫৬, দাগ নং- ৪৪৭৯ এর মধ্যে ৪২ শতাংশ জমি।
২৭.	সাব-রেজিস্ট্রারের কার্যালয়, হাতিয়া, নোয়াখালী দলিল নং-০৫১২ তারিখ-২০-০২-২০২২	জনাব মোহাম্মদ আলী, হাতিয়া, নোয়াখালী	মৌজা- চরবাটা, খতিয়ান নং- ৪৬৭, দাগ নং- ৪৪৮৫ এর মধ্যে ১৭ শতাংশ জমি।
২৮.	সাব-রেজিস্ট্রারের কার্যালয়, হাতিয়া, নোয়াখালী দলিল নং-১৬৭৮ তারিখ-১৮-০৬-২০২২	জনাব মোহাম্মদ আলী, হাতিয়া, নোয়াখালী	মৌজা- চরবাটা, খতিয়ান নং- ৪৭৮, দাগ নং- ৪৪৯০ এর মধ্যে ২৩ শতাংশ জমি।
২৯.	সাব-রেজিস্ট্রারের কার্যালয়, হাতিয়া, নোয়াখালী দলিল নং-২৯৩৫ তারিখ-১১-১০-২০২২	জনাব মোহাম্মদ আলী, হাতিয়া, নোয়াখালী	মৌজা- চরবাটা, খতিয়ান নং- ৪৮৯, দাগ নং- ৪৪৯৮ এর মধ্যে ২৯ শতাংশ জমি।
৩০.	সাব-রেজিস্ট্রারের কার্যালয়, হাতিয়া, নোয়াখালী দলিল নং-০৭২৬ তারিখ-০৬-০৩-২০২৩	জনাব মোহাম্মদ আলী, হাতিয়া, নোয়াখালী	মৌজা- চরবাটা, খতিয়ান নং- ৪৯৮, দাগ নং- ৪৫০৫ এর মধ্যে ৩৫ শতাংশ জমি।
৩১.	সাব-রেজিস্ট্রারের কার্যালয়, হাতিয়া, নোয়াখালী দলিল নং-১৮৯৪ তারিখ-২১-০৬-২০২৩	জনাব মোহাম্মদ আলী, হাতিয়া, নোয়াখালী	মৌজা- চরবাটা, খতিয়ান নং- ৫০৭, দাগ নং- ৪৫১২ এর মধ্যে ১২ শতাংশ জমি।
৩২.	সাব-রেজিস্ট্রারের কার্যালয়, হাতিয়া, নোয়াখালী দলিল নং-৩০১২ তারিখ-১৭-০৯-২০২৩	জনাব মোহাম্মদ আলী, হাতিয়া, নোয়াখালী	মৌজা- চরবাটা, খতিয়ান নং- ৫১৮, দাগ নং- ৪৫২০ এর মধ্যে ৩৮ শতাংশ জমি।
৩৩.	সাব-রেজিস্ট্রারের কার্যালয়, হাতিয়া, নোয়াখালী দলিল নং-০৪৮৭ তারিখ-১৩-০২-২০২৪	জনাব মোহাম্মদ আলী, হাতিয়া, নোয়াখালী	মৌজা- চরবাটা, খতিয়ান নং- ৫২৯, দাগ নং- ৪৫২৮ এর মধ্যে ২০ শতাংশ জমি।
৩৪.	সাব-রেজিস্ট্রারের কার্যালয়, হাতিয়া, নোয়াখালী দলিল নং-১৫৫৩ তারিখ-১৯-০৫-২০২৪	জনাব মোহাম্মদ আলী, হাতিয়া, নোয়াখালী	মৌজা- চরবাটা, খতিয়ান নং- ৫৩৮, দাগ নং- ৪৫৩৫ এর মধ্যে ৩২ শতাংশ জমি।
৩৫.	সাব-রেজিস্ট্রারের কার্যালয়, হাতিয়া, নোয়াখালী দলিল নং-২৪০৯ তারিখ-২৮-০৭-২০২৪	জনাব মোহাম্মদ আলী, হাতিয়া, নোয়াখালী	মৌজা- চরবাটা, খতিয়ান নং- ৫৪৫, দাগ নং- ৪৫৪১ এর মধ্যে ১৫ শতাংশ জমি।
৩৬.	সাব-রেজিস্ট্রারের কার্যালয়, হাতিয়া, নোয়াখালী দলিল নং-৩১১৮ তারিখ-১০-০৯-২০২৪	জনাব মোহাম্মদ আলী, হাতিয়া, নোয়াখালী	মৌজা- চরবাটা, খতিয়ান নং- ৫৫৬, দাগ নং- ৪৫৪৯ এর মধ্যে ২৫ শতাংশ জমি।
৩৭.	সাব-রেজিস্ট্রারের কার্যালয়, হাতিয়া, নোয়াখালী দলিল নং-০৩২৪ তারিখ-১৫-০১-২০২৫	জনাব মোহাম্মদ আলী, হাতিয়া, নোয়াখালী	মৌজা- চরবাটা, খতিয়ান নং- ৫৬৭, দাগ নং- ৪৫৫৬ এর মধ্যে ৪৪ শতাংশ জমি।
৩৮.	সাব-রেজিস্ট্রারের কার্যালয়, হাতিয়া, নোয়াখালী দলিল নং-১২০৭ তারিখ-২৪-০৪-২০২৫	জনাব মোহাম্মদ আলী, হাতিয়া, নোয়াখালী	মৌজা- চরবাটা, খতিয়ান নং- ৫৭৫, দাগ নং- ৪৫৬২ এর মধ্যে ১৮ শতাংশ জমি।
৩৯.	সাব-রেজিস্ট্রারের কার্যালয়, হাতিয়া, নোয়াখালী দলিল নং-১৯৮৩ তারিখ-১২-০৬-২০২৫	জনাব মোহাম্মদ আলী, হাতিয়া, নোয়াখালী	মৌজা- চরবাটা, খতিয়ান নং- ৫৮৩, দাগ নং- ৪৫৬৮ এর মধ্যে ৩০ শতাংশ জমি।
৪০.	সাব-রেজিস্ট্রারের কার্যালয়, হাতিয়া, নোয়াখালী দলিল নং-২৫১৪ তারিখ-২০-০৭-২০২৫	জনাব মোহাম্মদ আলী, হাতিয়া, নোয়াখালী	মৌজা- চরবাটা, খতিয়ান নং- ৫৯১, দাগ নং- ৪৫৭৪ এর মধ্যে ২২ শতাংশ জমি।
See Page 9
